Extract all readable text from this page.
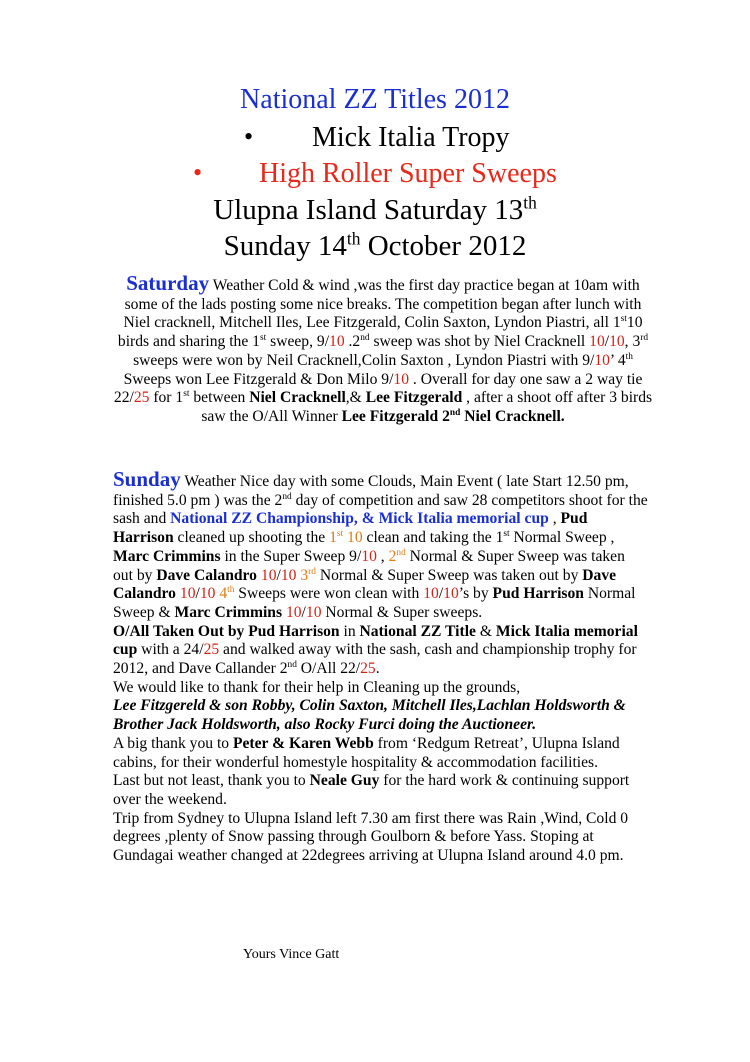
National ZZ Titles 2012
• Mick Italia Tropy
• High Roller Super Sweeps
Ulupna Island Saturday 13th
Sunday 14th October 2012
Saturday Weather Cold & wind ,was the first day practice began at 10am with some of the lads posting some nice breaks. The competition began after lunch with Niel cracknell, Mitchell Iles, Lee Fitzgerald, Colin Saxton, Lyndon Piastri, all 1st10 birds and sharing the 1st sweep, 9/10 .2nd sweep was shot by Niel Cracknell 10/10, 3rd sweeps were won by Neil Cracknell,Colin Saxton , Lyndon Piastri with 9/10’ 4th Sweeps won Lee Fitzgerald & Don Milo 9/10 . Overall for day one saw a 2 way tie 22/25 for 1st between Niel Cracknell,& Lee Fitzgerald , after a shoot off after 3 birds saw the O/All Winner Lee Fitzgerald 2nd Niel Cracknell.
Sunday Weather Nice day with some Clouds, Main Event ( late Start 12.50 pm, finished 5.0 pm ) was the 2nd day of competition and saw 28 competitors shoot for the sash and National ZZ Championship, & Mick Italia memorial cup , Pud Harrison cleaned up shooting the 1st 10 clean and taking the 1st Normal Sweep , Marc Crimmins in the Super Sweep 9/10 , 2nd Normal & Super Sweep was taken out by Dave Calandro 10/10 3rd Normal & Super Sweep was taken out by Dave Calandro 10/10 4th Sweeps were won clean with 10/10’s by Pud Harrison Normal Sweep & Marc Crimmins 10/10 Normal & Super sweeps.
O/All Taken Out by Pud Harrison in National ZZ Title & Mick Italia memorial cup with a 24/25 and walked away with the sash, cash and championship trophy for 2012, and Dave Callander 2nd O/All 22/25.
We would like to thank for their help in Cleaning up the grounds,
Lee Fitzgereld & son Robby, Colin Saxton, Mitchell Iles,Lachlan Holdsworth & Brother Jack Holdsworth, also Rocky Furci doing the Auctioneer.
A big thank you to Peter & Karen Webb from ‘Redgum Retreat’, Ulupna Island cabins, for their wonderful homestyle hospitality & accommodation facilities.
Last but not least, thank you to Neale Guy for the hard work & continuing support over the weekend.
Trip from Sydney to Ulupna Island left 7.30 am first there was Rain ,Wind, Cold 0 degrees ,plenty of Snow passing through Goulborn & before Yass. Stoping at Gundagai weather changed at 22degrees arriving at Ulupna Island around 4.0 pm.
Yours Vince Gatt
